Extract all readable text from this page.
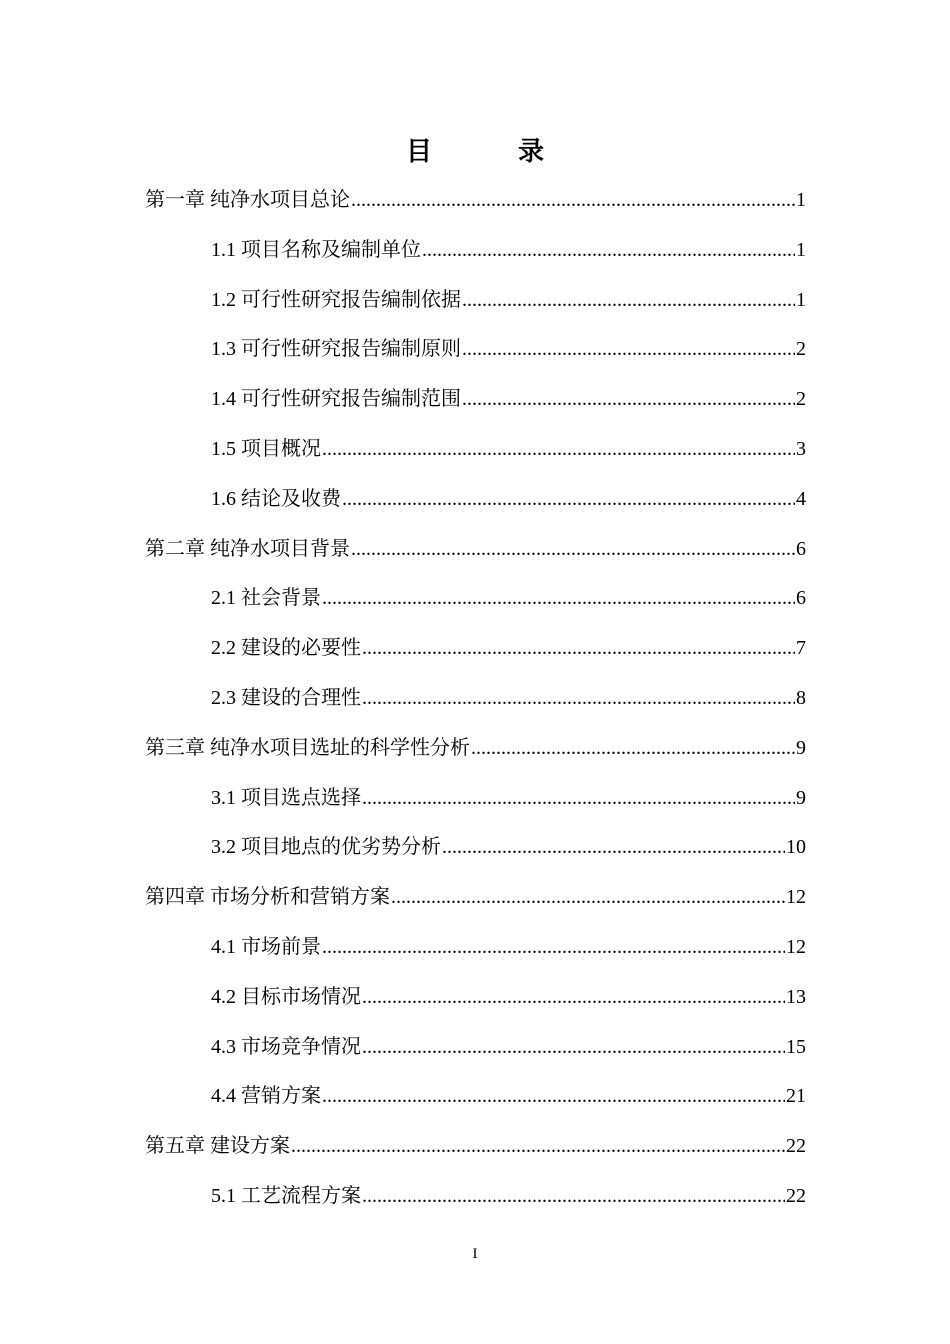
目　录
第一章 纯净水项目总论 .....	1
1.1 项目名称及编制单位 .....	1
1.2 可行性研究报告编制依据 .....	1
1.3 可行性研究报告编制原则 .....	2
1.4 可行性研究报告编制范围 .....	2
1.5 项目概况 .....	3
1.6 结论及收费 .....	4
第二章 纯净水项目背景 .....	6
2.1 社会背景 .....	6
2.2 建设的必要性 .....	7
2.3 建设的合理性 .....	8
第三章 纯净水项目选址的科学性分析 .....	9
3.1 项目选点选择 .....	9
3.2 项目地点的优劣势分析 .....	10
第四章 市场分析和营销方案 .....	12
4.1 市场前景 .....	12
4.2 目标市场情况 .....	13
4.3 市场竞争情况 .....	15
4.4 营销方案 .....	21
第五章 建设方案 .....	22
5.1 工艺流程方案 .....	22
I
